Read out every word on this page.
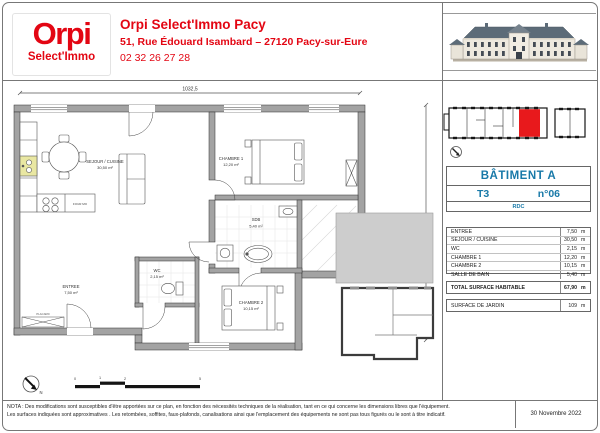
Orpi
Select'Immo
Orpi Select'Immo Pacy
51, Rue Édouard Isambard – 27120 Pacy-sur-Eure
02 32 26 27 28
1032,5
FOUR MO
PLACARD
SEJOUR / CUISINE
30,50 m²
CHAMBRE 1
12,20 m²
SDB
5,40 m²
WC
2,15 m²
ENTREE
7,50 m²
CHAMBRE 2
10,15 m²
0	1	2	5
N
BÂTIMENT A
T3	n°06
RDC
ENTREE	7,50 m
SEJOUR / CUISINE	30,50 m
WC	2,15 m
CHAMBRE 1	12,20 m
CHAMBRE 2	10,15 m
SALLE DE BAIN	5,40 m
TOTAL SURFACE HABITABLE	67,90 m
SURFACE DE JARDIN	109 m
NOTA : Des modifications sont susceptibles d'être apportées sur ce plan, en fonction des nécessités techniques de la réalisation, tant en ce qui concerne les dimensions libres que l'équipement.
Les surfaces indiquées sont approximatives . Les retombées, soffites, faux-plafonds, canalisations ainsi que l'emplacement des équipements ne sont pas tous figurés ou le sont à titre indicatif.	30 Novembre 2022
